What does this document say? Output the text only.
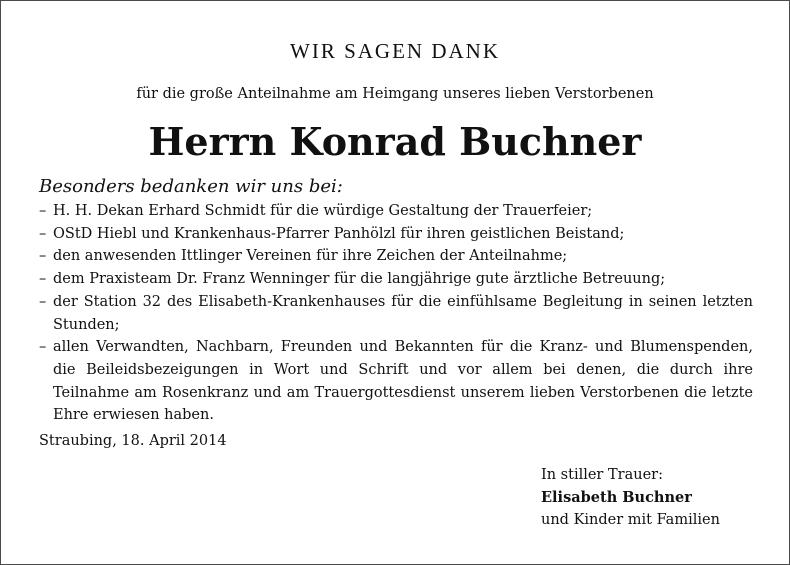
WIR SAGEN DANK
für die große Anteilnahme am Heimgang unseres lieben Verstorbenen
Herrn Konrad Buchner
Besonders bedanken wir uns bei:
– H. H. Dekan Erhard Schmidt für die würdige Gestaltung der Trauerfeier;
– OStD Hiebl und Krankenhaus-Pfarrer Panhölzl für ihren geistlichen Beistand;
– den anwesenden Ittlinger Vereinen für ihre Zeichen der Anteilnahme;
– dem Praxisteam Dr. Franz Wenninger für die langjährige gute ärztliche Betreuung;
– der Station 32 des Elisabeth-Krankenhauses für die einfühlsame Begleitung in seinen letzten Stunden;
– allen Verwandten, Nachbarn, Freunden und Bekannten für die Kranz- und Blumenspenden, die Beileidsbezeigungen in Wort und Schrift und vor allem bei denen, die durch ihre Teilnahme am Rosenkranz und am Trauergottesdienst unserem lieben Verstorbenen die letzte Ehre erwiesen haben.
Straubing, 18. April 2014
In stiller Trauer:
Elisabeth Buchner
und Kinder mit Familien
